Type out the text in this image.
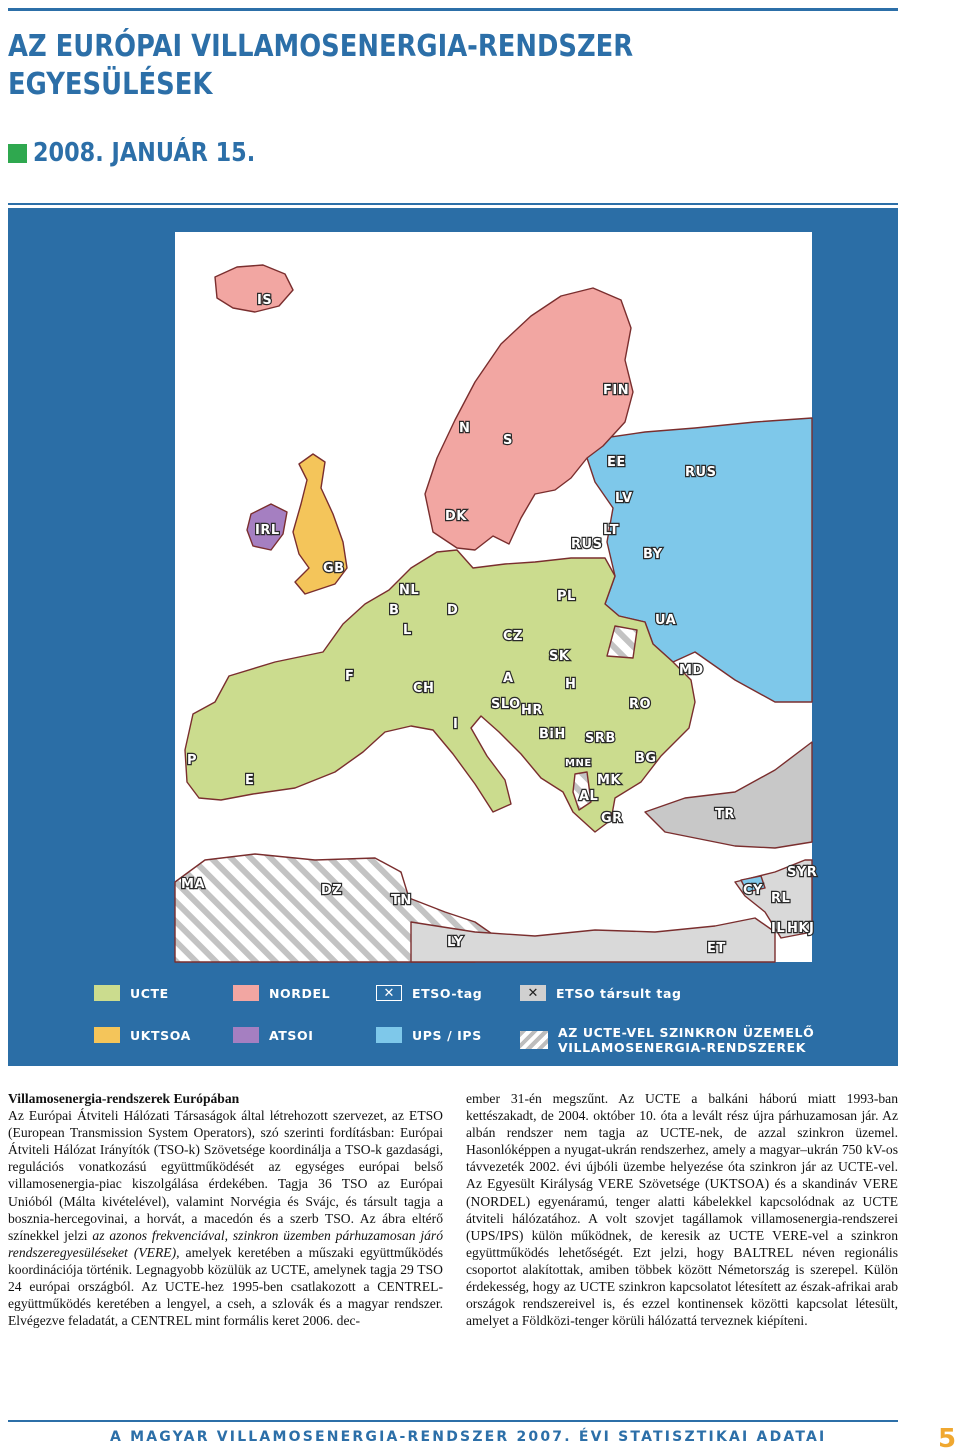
AZ EURÓPAI VILLAMOSENERGIA-RENDSZER
EGYESÜLÉSEK
2008. JANUÁR 15.
IS
FIN
N
S
EE
RUS
LV
DK
IRL	LT
RUS
BY
GB
NL
B
L
D
PL
UA
CZ
SK
F
CH
A	H
MD
SLO HR	RO
I
BiH SRB
P	BG
E
MNE
MK
AL
GR	TR
MA	DZ
TN
SYR
CY
RL
IL HKJ
LY	ET
UCTE	NORDEL	✕	ETSO-tag	✕	ETSO társult tag
UKTSOA	ATSOI	UPS / IPS	AZ UCTE-VEL SZINKRON ÜZEMELŐ
VILLAMOSENERGIA-RENDSZEREK

Villamosenergia-rendszerek Európában

Az Európai Átviteli Hálózati Társaságok által létrehozott szervezet, az ETSO (European Transmission System Operators), szó szerinti fordításban: Európai Átviteli Hálózat Irányítók (TSO-k) Szövetsége koordinálja a TSO-k gazdasági, regulációs vonatkozású együttműködését az egységes európai belső villamosenergia-piac kiszolgálása érdekében. Tagja 36 TSO az Európai Unióból (Málta kivételével), valamint Norvégia és Svájc, és társult tagja a bosznia-hercegovinai, a horvát, a macedón és a szerb TSO. Az ábra eltérő színekkel jelzi az azonos frekvenciával, szinkron üzemben párhuzamosan járó rendszeregyesüléseket (VERE), amelyek keretében a műszaki együttműködés koordinációja történik. Legnagyobb közülük az UCTE, amelynek tagja 29 TSO 24 európai országból. Az UCTE-hez 1995-ben csatlakozott a CENTREL-együttműködés keretében a lengyel, a cseh, a szlovák és a magyar rendszer. Elvégezve feladatát, a CENTREL mint formális keret 2006. dec-

ember 31-én megszűnt. Az UCTE a balkáni háború miatt 1993-ban kettészakadt, de 2004. október 10. óta a levált rész újra párhuzamosan jár. Az albán rendszer nem tagja az UCTE-nek, de azzal szinkron üzemel. Hasonlóképpen a nyugat-ukrán rendszerhez, amely a magyar–ukrán 750 kV-os távvezeték 2002. évi újbóli üzembe helyezése óta szinkron jár az UCTE-vel. Az Egyesült Királyság VERE Szövetsége (UKTSOA) és a skandináv VERE (NORDEL) egyenáramú, tenger alatti kábelekkel kapcsolódnak az UCTE átviteli hálózatához. A volt szovjet tagállamok villamosenergia-rendszerei (UPS/IPS) külön működnek, de keresik az UCTE VERE-vel a szinkron együttműködés lehetőségét. Ezt jelzi, hogy BALTREL néven regionális csoportot alakítottak, amiben többek között Németország is szerepel. Külön érdekesség, hogy az UCTE szinkron kapcsolatot létesített az észak-afrikai arab országok rendszereivel is, és ezzel kontinensek közötti kapcsolat létesült, amelyet a Földközi-tenger körüli hálózattá terveznek kiépíteni.

A MAGYAR VILLAMOSENERGIA-RENDSZER 2007. ÉVI STATISZTIKAI ADATAI	5
